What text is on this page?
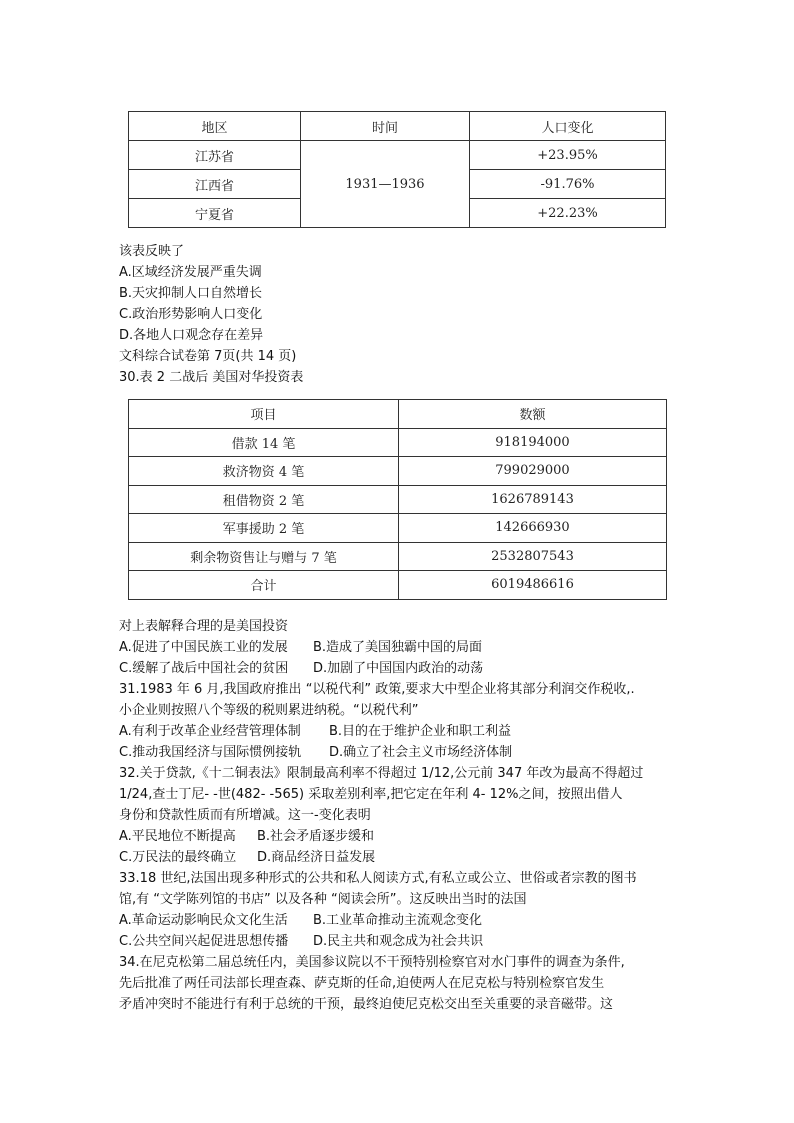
地区	时间	人口变化
江苏省	1931—1936	+23.95%
江西省		-91.76%
宁夏省		+22.23%
该表反映了
A.区域经济发展严重失调
B.天灾抑制人口自然增长
C.政治形势影响人口变化
D.各地人口观念存在差异
文科综合试卷第 7页(共 14 页)
30.表 2 二战后 美国对华投资表
项目	数额
借款 14 笔	918194000
救济物资 4 笔	799029000
租借物资 2 笔	1626789143
军事援助 2 笔	142666930
剩余物资售让与赠与 7 笔	2532807543
合计	6019486616
对上表解释合理的是美国投资
A.促进了中国民族工业的发展 B.造成了美国独霸中国的局面
C.缓解了战后中国社会的贫困 D.加剧了中国国内政治的动荡
31.1983 年 6 月,我国政府推出 “以税代利” 政策,要求大中型企业将其部分利润交作税收,.
小企业则按照八个等级的税则累进纳税。“以税代利”
A.有利于改革企业经营管理体制 B.目的在于维护企业和职工利益
C.推动我国经济与国际惯例接轨 D.确立了社会主义市场经济体制
32.关于贷款,《十二铜表法》限制最高利率不得超过 1/12,公元前 347 年改为最高不得超过
1/24,查士丁尼- -世(482- -565) 采取差别利率,把它定在年利 4- 12%之间，按照出借人
身份和贷款性质而有所增减。这一-变化表明
A.平民地位不断提高 B.社会矛盾逐步缓和
C.万民法的最终确立 D.商品经济日益发展
33.18 世纪,法国出现多种形式的公共和私人阅读方式,有私立或公立、世俗或者宗教的图书
馆,有 “文学陈列馆的书店” 以及各种 “阅读会所”。这反映出当时的法国
A.革命运动影响民众文化生活 B.工业革命推动主流观念变化
C.公共空间兴起促进思想传播 D.民主共和观念成为社会共识
34.在尼克松第二届总统任内，美国参议院以不干预特别检察官对水门事件的调查为条件,
先后批准了两任司法部长理查森、萨克斯的任命,迫使两人在尼克松与特别检察官发生
矛盾冲突时不能进行有利于总统的干预，最终迫使尼克松交出至关重要的录音磁带。这
